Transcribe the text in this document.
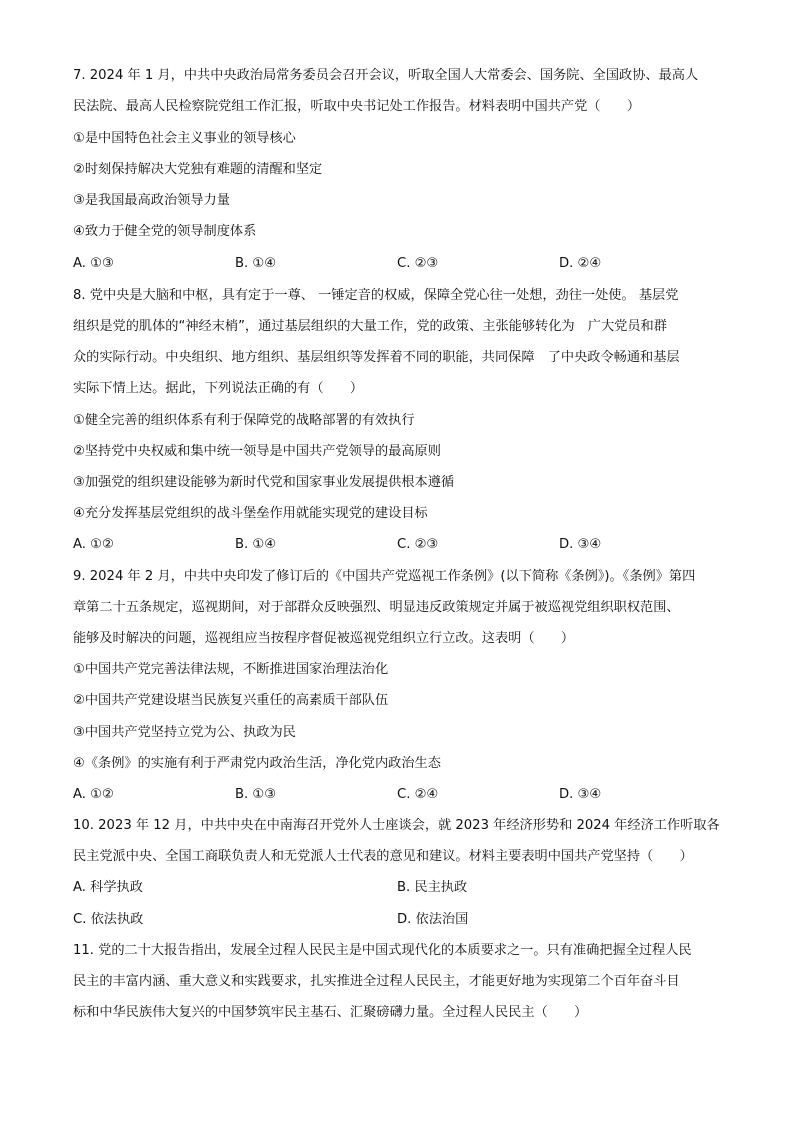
7. 2024 年 1 月，中共中央政治局常务委员会召开会议，听取全国人大常委会、国务院、全国政协、最高人
民法院、最高人民检察院党组工作汇报，听取中央书记处工作报告。材料表明中国共产党（　　）
①是中国特色社会主义事业的领导核心
②时刻保持解决大党独有难题的清醒和坚定
③是我国最高政治领导力量
④致力于健全党的领导制度体系
A. ①③	B. ①④	C. ②③	D. ②④
8. 党中央是大脑和中枢，具有定于一尊、 一锤定音的权威，保障全党心往一处想，劲往一处使。 基层党
组织是党的肌体的“神经末梢”，通过基层组织的大量工作，党的政策、主张能够转化为　广大党员和群
众的实际行动。中央组织、地方组织、基层组织等发挥着不同的职能，共同保障　了中央政令畅通和基层
实际下情上达。据此，下列说法正确的有（　　）
①健全完善的组织体系有利于保障党的战略部署的有效执行
②坚持党中央权威和集中统一领导是中国共产党领导的最高原则
③加强党的组织建设能够为新时代党和国家事业发展提供根本遵循
④充分发挥基层党组织的战斗堡垒作用就能实现党的建设目标
A. ①②	B. ①④	C. ②③	D. ③④
9. 2024 年 2 月，中共中央印发了修订后的《中国共产党巡视工作条例》(以下简称《条例》)。《条例》第四
章第二十五条规定，巡视期间，对于部群众反映强烈、明显违反政策规定并属于被巡视党组织职权范围、
能够及时解决的问题，巡视组应当按程序督促被巡视党组织立行立改。这表明（　　）
①中国共产党完善法律法规，不断推进国家治理法治化
②中国共产党建设堪当民族复兴重任的高素质干部队伍
③中国共产党坚持立党为公、执政为民
④《条例》的实施有利于严肃党内政治生活，净化党内政治生态
A. ①②	B. ①③	C. ②④	D. ③④
10. 2023 年 12 月，中共中央在中南海召开党外人士座谈会，就 2023 年经济形势和 2024 年经济工作听取各
民主党派中央、全国工商联负责人和无党派人士代表的意见和建议。材料主要表明中国共产党坚持（　　）
A. 科学执政	B. 民主执政
C. 依法执政	D. 依法治国
11. 党的二十大报告指出，发展全过程人民民主是中国式现代化的本质要求之一。只有准确把握全过程人民
民主的丰富内涵、重大意义和实践要求，扎实推进全过程人民民主，才能更好地为实现第二个百年奋斗目
标和中华民族伟大复兴的中国梦筑牢民主基石、汇聚磅礴力量。全过程人民民主（　　）
